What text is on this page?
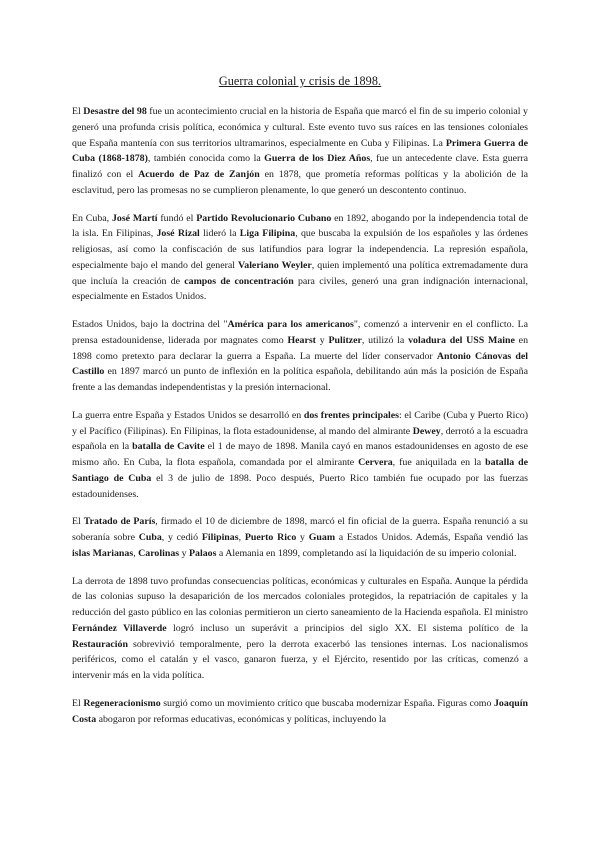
Guerra colonial y crisis de 1898.

El Desastre del 98 fue un acontecimiento crucial en la historia de España que marcó el fin de su imperio colonial y generó una profunda crisis política, económica y cultural. Este evento tuvo sus raíces en las tensiones coloniales que España mantenía con sus territorios ultramarinos, especialmente en Cuba y Filipinas. La Primera Guerra de Cuba (1868-1878), también conocida como la Guerra de los Diez Años, fue un antecedente clave. Esta guerra finalizó con el Acuerdo de Paz de Zanjón en 1878, que prometía reformas políticas y la abolición de la esclavitud, pero las promesas no se cumplieron plenamente, lo que generó un descontento continuo.

En Cuba, José Martí fundó el Partido Revolucionario Cubano en 1892, abogando por la independencia total de la isla. En Filipinas, José Rizal lideró la Liga Filipina, que buscaba la expulsión de los españoles y las órdenes religiosas, así como la confiscación de sus latifundios para lograr la independencia. La represión española, especialmente bajo el mando del general Valeriano Weyler, quien implementó una política extremadamente dura que incluía la creación de campos de concentración para civiles, generó una gran indignación internacional, especialmente en Estados Unidos.

Estados Unidos, bajo la doctrina del "América para los americanos", comenzó a intervenir en el conflicto. La prensa estadounidense, liderada por magnates como Hearst y Pulitzer, utilizó la voladura del USS Maine en 1898 como pretexto para declarar la guerra a España. La muerte del líder conservador Antonio Cánovas del Castillo en 1897 marcó un punto de inflexión en la política española, debilitando aún más la posición de España frente a las demandas independentistas y la presión internacional.

La guerra entre España y Estados Unidos se desarrolló en dos frentes principales: el Caribe (Cuba y Puerto Rico) y el Pacífico (Filipinas). En Filipinas, la flota estadounidense, al mando del almirante Dewey, derrotó a la escuadra española en la batalla de Cavite el 1 de mayo de 1898. Manila cayó en manos estadounidenses en agosto de ese mismo año. En Cuba, la flota española, comandada por el almirante Cervera, fue aniquilada en la batalla de Santiago de Cuba el 3 de julio de 1898. Poco después, Puerto Rico también fue ocupado por las fuerzas estadounidenses.

El Tratado de París, firmado el 10 de diciembre de 1898, marcó el fin oficial de la guerra. España renunció a su soberanía sobre Cuba, y cedió Filipinas, Puerto Rico y Guam a Estados Unidos. Además, España vendió las islas Marianas, Carolinas y Palaos a Alemania en 1899, completando así la liquidación de su imperio colonial.

La derrota de 1898 tuvo profundas consecuencias políticas, económicas y culturales en España. Aunque la pérdida de las colonias supuso la desaparición de los mercados coloniales protegidos, la repatriación de capitales y la reducción del gasto público en las colonias permitieron un cierto saneamiento de la Hacienda española. El ministro Fernández Villaverde logró incluso un superávit a principios del siglo XX. El sistema político de la Restauración sobrevivió temporalmente, pero la derrota exacerbó las tensiones internas. Los nacionalismos periféricos, como el catalán y el vasco, ganaron fuerza, y el Ejército, resentido por las críticas, comenzó a intervenir más en la vida política.

El Regeneracionismo surgió como un movimiento crítico que buscaba modernizar España. Figuras como Joaquín Costa abogaron por reformas educativas, económicas y políticas, incluyendo la
